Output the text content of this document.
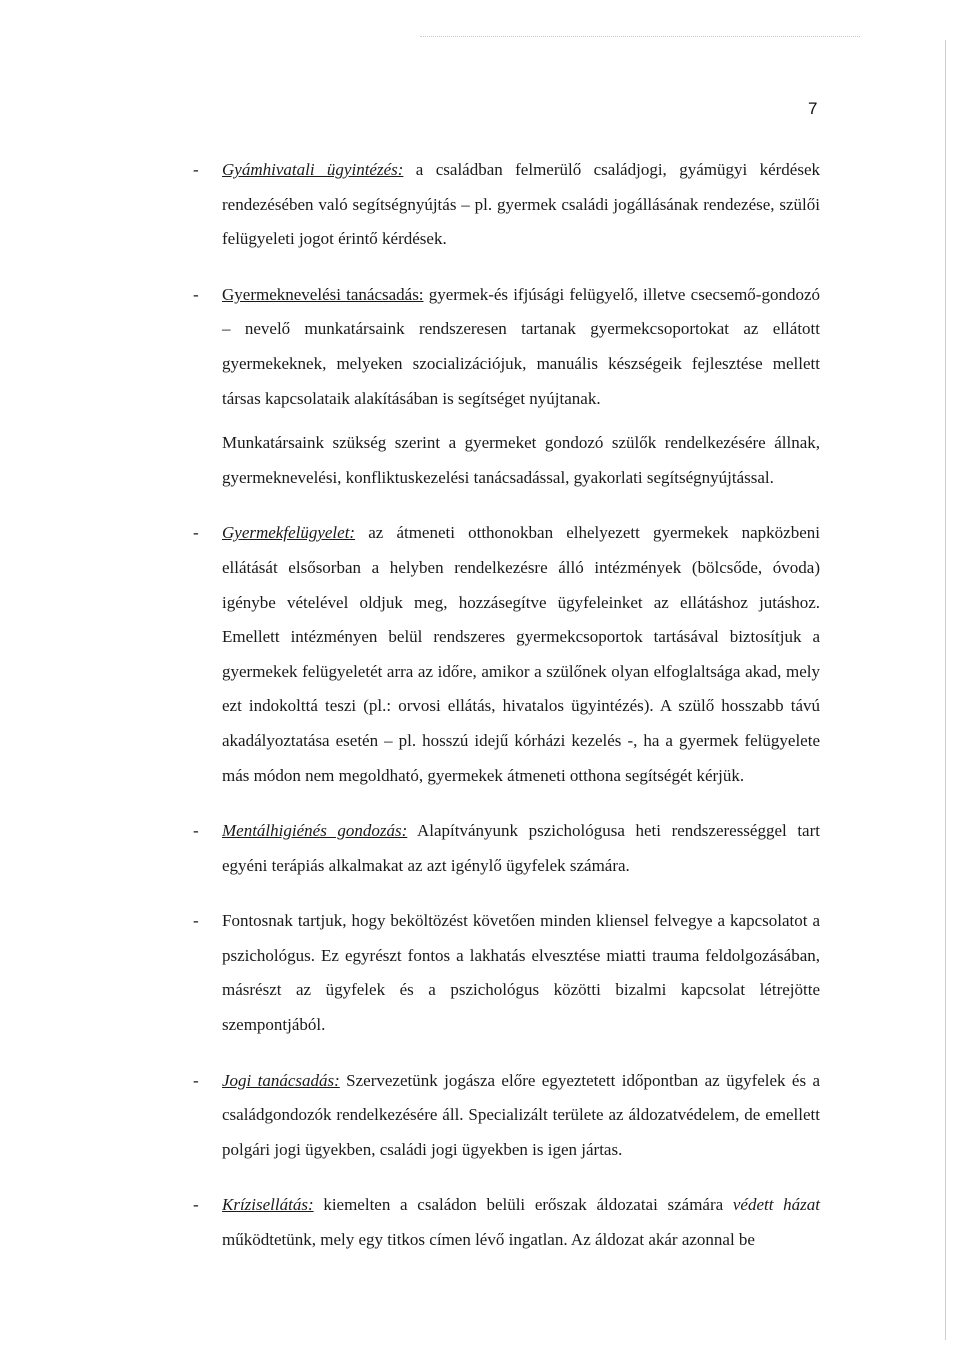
7
- Gyámhivatali ügyintézés: a családban felmerülő családjogi, gyámügyi kérdések rendezésében való segítségnyújtás – pl. gyermek családi jogállásának rendezése, szülői felügyeleti jogot érintő kérdések.
- Gyermeknevelési tanácsadás: gyermek-és ifjúsági felügyelő, illetve csecsemő-gondozó – nevelő munkatársaink rendszeresen tartanak gyermekcsoportokat az ellátott gyermekeknek, melyeken szocializációjuk, manuális készségeik fejlesztése mellett társas kapcsolataik alakításában is segítséget nyújtanak.

Munkatársaink szükség szerint a gyermeket gondozó szülők rendelkezésére állnak, gyermeknevelési, konfliktuskezelési tanácsadással, gyakorlati segítségnyújtással.

- Gyermekfelügyelet: az átmeneti otthonokban elhelyezett gyermekek napközbeni ellátását elsősorban a helyben rendelkezésre álló intézmények (bölcsőde, óvoda) igénybe vételével oldjuk meg, hozzásegítve ügyfeleinket az ellátáshoz jutáshoz. Emellett intézményen belül rendszeres gyermekcsoportok tartásával biztosítjuk a gyermekek felügyeletét arra az időre, amikor a szülőnek olyan elfoglaltsága akad, mely ezt indokolttá teszi (pl.: orvosi ellátás, hivatalos ügyintézés). A szülő hosszabb távú akadályoztatása esetén – pl. hosszú idejű kórházi kezelés -, ha a gyermek felügyelete más módon nem megoldható, gyermekek átmeneti otthona segítségét kérjük.
- Mentálhigiénés gondozás: Alapítványunk pszichológusa heti rendszerességgel tart egyéni terápiás alkalmakat az azt igénylő ügyfelek számára.
- Fontosnak tartjuk, hogy beköltözést követően minden kliensel felvegye a kapcsolatot a pszichológus. Ez egyrészt fontos a lakhatás elvesztése miatti trauma feldolgozásában, másrészt az ügyfelek és a pszichológus közötti bizalmi kapcsolat létrejötte szempontjából.
- Jogi tanácsadás: Szervezetünk jogásza előre egyeztetett időpontban az ügyfelek és a családgondozók rendelkezésére áll. Specializált területe az áldozatvédelem, de emellett polgári jogi ügyekben, családi jogi ügyekben is igen jártas.
- Krízisellátás: kiemelten a családon belüli erőszak áldozatai számára védett házat működtetünk, mely egy titkos címen lévő ingatlan. Az áldozat akár azonnal be
